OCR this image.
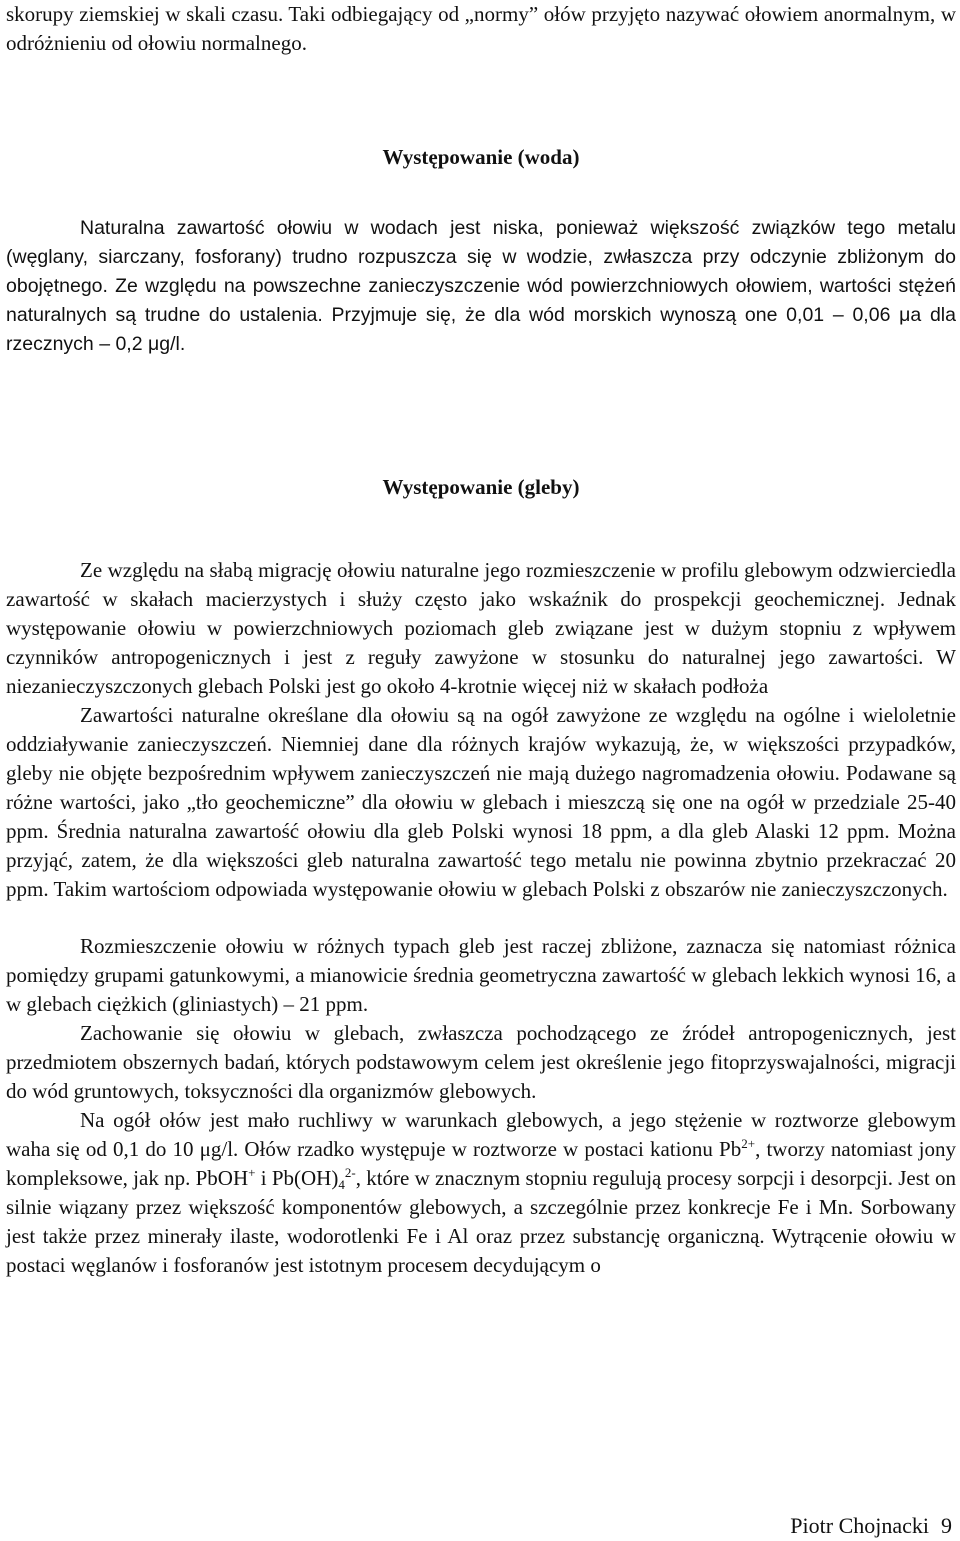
skorupy ziemskiej w skali czasu. Taki odbiegający od „normy” ołów przyjęto nazywać ołowiem anormalnym, w odróżnieniu od ołowiu normalnego.

Występowanie (woda)

Naturalna zawartość ołowiu w wodach jest niska, ponieważ większość związków tego metalu (węglany, siarczany, fosforany) trudno rozpuszcza się w wodzie, zwłaszcza przy odczynie zbliżonym do obojętnego. Ze względu na powszechne zanieczyszczenie wód powierzchniowych ołowiem, wartości stężeń naturalnych są trudne do ustalenia. Przyjmuje się, że dla wód morskich wynoszą one 0,01 – 0,06 μa dla rzecznych – 0,2 μg/l.

Występowanie (gleby)

Ze względu na słabą migrację ołowiu naturalne jego rozmieszczenie w profilu glebowym odzwierciedla zawartość w skałach macierzystych i służy często jako wskaźnik do prospekcji geochemicznej. Jednak występowanie ołowiu w powierzchniowych poziomach gleb związane jest w dużym stopniu z wpływem czynników antropogenicznych i jest z reguły zawyżone w stosunku do naturalnej jego zawartości. W niezanieczyszczonych glebach Polski jest go około 4-krotnie więcej niż w skałach podłoża

Zawartości naturalne określane dla ołowiu są na ogół zawyżone ze względu na ogólne i wieloletnie oddziaływanie zanieczyszczeń. Niemniej dane dla różnych krajów wykazują, że, w większości przypadków, gleby nie objęte bezpośrednim wpływem zanieczyszczeń nie mają dużego nagromadzenia ołowiu. Podawane są różne wartości, jako „tło geochemiczne” dla ołowiu w glebach i mieszczą się one na ogół w przedziale 25-40 ppm. Średnia naturalna zawartość ołowiu dla gleb Polski wynosi 18 ppm, a dla gleb Alaski 12 ppm. Można przyjąć, zatem, że dla większości gleb naturalna zawartość tego metalu nie powinna zbytnio przekraczać 20 ppm. Takim wartościom odpowiada występowanie ołowiu w glebach Polski z obszarów nie zanieczyszczonych.

Rozmieszczenie ołowiu w różnych typach gleb jest raczej zbliżone, zaznacza się natomiast różnica pomiędzy grupami gatunkowymi, a mianowicie średnia geometryczna zawartość w glebach lekkich wynosi 16, a w glebach ciężkich (gliniastych) – 21 ppm.

Zachowanie się ołowiu w glebach, zwłaszcza pochodzącego ze źródeł antropogenicznych, jest przedmiotem obszernych badań, których podstawowym celem jest określenie jego fitoprzyswajalności, migracji do wód gruntowych, toksyczności dla organizmów glebowych.

Na ogół ołów jest mało ruchliwy w warunkach glebowych, a jego stężenie w roztworze glebowym waha się od 0,1 do 10 μg/l. Ołów rzadko występuje w roztworze w postaci kationu $Pb^{2+}$, tworzy natomiast jony kompleksowe, jak np. PbOH+ i $Pb(OH)_4^{2-}$, które w znacznym stopniu regulują procesy sorpcji i desorpcji. Jest on silnie wiązany przez większość komponentów glebowych, a szczególnie przez konkrecje Fe i Mn. Sorbowany jest także przez minerały ilaste, wodorotlenki Fe i Al oraz przez substancję organiczną. Wytrącenie ołowiu w postaci węglanów i fosforanów jest istotnym procesem decydującym o

Piotr Chojnacki 9
